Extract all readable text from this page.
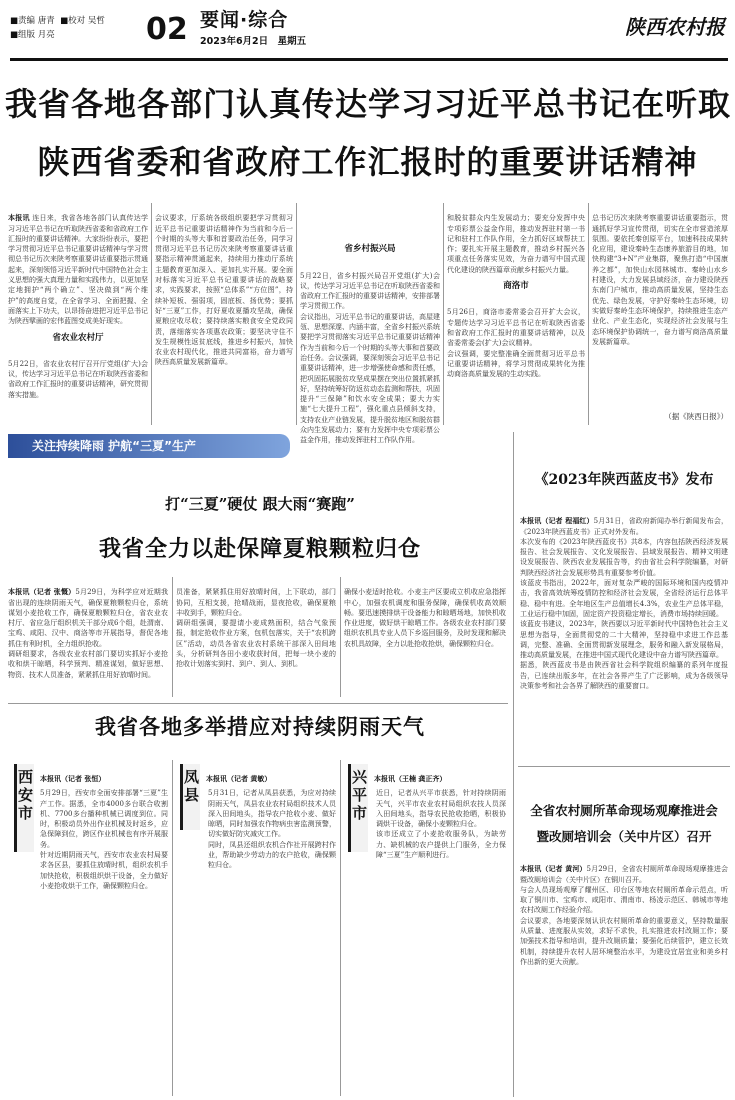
■责编 唐青 ■校对 吴哲
■组版 月亮	02 要闻·综合
2023年6月2日　星期五
陕西农村报
我省各地各部门认真传达学习习近平总书记在听取
陕西省委和省政府工作汇报时的重要讲话精神

本报讯 连日来，我省各地各部门认真传达学习习近平总书记在听取陕西省委和省政府工作汇报时的重要讲话精神。大家纷纷表示，要把学习贯彻习近平总书记重要讲话精神与学习贯彻总书记历次来陕考察重要讲话重要指示贯通起来，深刻领悟习近平新时代中国特色社会主义思想的强大真理力量和实践伟力，以更加坚定地拥护“两个确立”、坚决做到“两个维护”的高度自觉，在全省学习、全面把握、全面落实上下功夫，以昂扬奋进把习近平总书记为陕西擘画的宏伟蓝图变成美好现实。

省农业农村厅

5月22日，省农业农村厅召开厅党组(扩大)会议，传达学习习近平总书记在听取陕西省委和省政府工作汇报时的重要讲话精神，研究贯彻落实措施。

会议要求，厅系统各级组织要把学习贯彻习近平总书记重要讲话精神作为当前和今后一个时期的头等大事和首要政治任务，同学习贯彻习近平总书记历次来陕考察重要讲话重要指示精神贯通起来，持续用力推动厅系统主题教育更加深入、更加扎实开展。要全面对标落实习近平总书记重要讲话的战略要求，实践要求，按照“总体系”“方位图”，持续补短板、强弱项，固底板、扬优势；要抓好“三夏”工作，打好夏收夏播攻坚战，确保夏粮应收尽收；要持续落实粮食安全党政同责，落细落实各项惠农政策；要坚决守住不发生规模性返贫底线，推进乡村振兴，加快农业农村现代化，推进共同富裕，奋力谱写陕西高质量发展新篇章。

省乡村振兴局

5月22日，省乡村振兴局召开党组(扩大)会议，传达学习习近平总书记在听取陕西省委和省政府工作汇报时的重要讲话精神，安排部署学习贯彻工作。
会议指出，习近平总书记的重要讲话，高屋建瓴、思想深邃、内涵丰富，全省乡村振兴系统要把学习贯彻落实习近平总书记重要讲话精神作为当前和今后一个时期的头等大事和首要政治任务。会议强调，要深刻领会习近平总书记重要讲话精神，进一步增强使命感和责任感，把巩固拓展脱贫攻坚成果摆在突出位置抓紧抓好，坚持统筹好防返贫动态监测和帮扶，巩固提升“三保障”和饮水安全成果；要大力实施“七大提升工程”，强化重点县倾斜支持，支持农业产业链发展，提升脱贫地区和脱贫群众内生发展动力；要有力发挥中央专项彩票公益金作用，推动发挥驻村工作队作用。

和脱贫群众内生发展动力；要充分发挥中央专项彩票公益金作用，推动发挥驻村第一书记和驻村工作队作用，全力抓好区域帮扶工作；要扎实开展主题教育，推动乡村振兴各项重点任务落实见效，为奋力谱写中国式现代化建设的陕西篇章贡献乡村振兴力量。

商洛市

5月26日，商洛市委常委会召开扩大会议，专题传达学习习近平总书记在听取陕西省委和省政府工作汇报时的重要讲话精神，以及省委常委会(扩大)会议精神。
会议强调，要完整准确全面贯彻习近平总书记重要讲话精神，将学习贯彻成果转化为推动商洛高质量发展的生动实践。

总书记历次来陕考察重要讲话重要指示，贯通抓好学习宣传贯彻，切实在全市营造浓厚氛围。要依托秦创原平台，加速科技成果转化应用，建设秦岭生态康养旅游目的地，加快构建“3+N”产业集群，聚焦打造“中国康养之都”，加快山水园林城市、秦岭山水乡村建设，大力发展县域经济，奋力建设陕西东南门户城市，推动高质量发展，坚持生态优先、绿色发展，守护好秦岭生态环境，切实做好秦岭生态环境保护，持续推进生态产业化、产业生态化，实现经济社会发展与生态环境保护协调统一，奋力谱写商洛高质量发展新篇章。

（据《陕西日报》）
关注持续降雨 护航“三夏”生产
打“三夏”硬仗 跟大雨“赛跑”
我省全力以赴保障夏粮颗粒归仓

本报讯（记者 张慨）5月29日，为科学应对近期我省出现的连续阴雨天气，确保夏粮颗粒归仓，系统谋划小麦抢收工作，确保夏粮颗粒归仓，省农业农村厅、省应急厅组织机关干部分成6个组，赴渭南、宝鸡、咸阳、汉中、商洛等市开展指导，督促各地抓住有利时机，全力组织抢收。
调研组要求，各级农业农村部门要切实抓好小麦抢收和烘干晾晒，科学预判、精准谋划，做好思想、物资、技术人员准备，紧紧抓住用好放晴时间。

员准备，紧紧抓住用好放晴时间，上下联动，部门协同，互相支援，抢晴战雨，显夜抢收，确保夏粮丰收到手，颗粒归仓。
调研组强调，要提请小麦成熟面积，结合气象预报，制定抢收作业方案，包机包落实，关于“农机跨区”活动，动员各省农业农村系统干部深入田间地头，分析研判各田小麦收获时间，把每一块小麦的抢收计划落实到村、到户、到人、到机。

确保小麦适时抢收。小麦主产区要成立机收应急指挥中心，加强农机调度和服务保障，确保机收高效顺畅。要迅速摸排烘干设备能力和晾晒场地，加快机收作业进度，做好烘干晾晒工作。各级农业农村部门要组织农机具专业人员下乡巡回服务，及时发现和解决农机具故障，全力以赴抢收抢烘，确保颗粒归仓。

《2023年陕西蓝皮书》发布

本报讯（记者 程福红）5月31日，省政府新闻办举行新闻发布会，《2023年陕西蓝皮书》正式对外发布。
本次发布的《2023年陕西蓝皮书》共8本，内容包括陕西经济发展报告、社会发展报告、文化发展报告、县域发展报告、精神文明建设发展报告、陕西农业发展报告等，约由省社会科学院编纂，对研判陕西经济社会发展形势具有重要参考价值。
该蓝皮书指出，2022年，面对复杂严峻的国际环境和国内疫情冲击，我省高效统筹疫情防控和经济社会发展，全省经济运行总体平稳、稳中有进。全年地区生产总值增长4.3%，农业生产总体平稳，工业运行稳中加固，固定资产投资稳定增长，消费市场持续回暖。
该蓝皮书建议，2023年，陕西要以习近平新时代中国特色社会主义思想为指导，全面贯彻党的二十大精神，坚持稳中求进工作总基调，完整、准确、全面贯彻新发展理念，服务和融入新发展格局，推动高质量发展，在推进中国式现代化建设中奋力谱写陕西篇章。
据悉，陕西蓝皮书是由陕西省社会科学院组织编纂的系列年度报告，已连续出版多年，在社会各界产生了广泛影响，成为各级领导决策参考和社会各界了解陕西的重要窗口。

全省农村厕所革命现场观摩推进会
暨改厕培训会（关中片区）召开

本报讯（记者 黄河）5月29日，全省农村厕所革命现场观摩推进会暨改厕培训会（关中片区）在铜川召开。
与会人员现场观摩了耀州区、印台区等地农村厕所革命示范点，听取了铜川市、宝鸡市、咸阳市、渭南市、杨凌示范区、韩城市等地农村改厕工作经验介绍。
会议要求，各地要深刻认识农村厕所革命的重要意义，坚持数量服从质量、进度服从实效，求好不求快，扎实推进农村改厕工作；要加强技术指导和培训，提升改厕质量；要强化后续管护，建立长效机制，持续提升农村人居环境整治水平，为建设宜居宜业和美乡村作出新的更大贡献。

我省各地多举措应对持续阴雨天气
西安市

本报讯（记者 张恒）

5月29日，西安市全面安排部署“三夏”生产工作。据悉，全市4000多台联合收割机、7700多台播种机械已调度到位。同时，积极动员外出作业机械及时返乡，应急保障到位，跨区作业机械也有序开展服务。
针对近期阴雨天气，西安市农业农村局要求各区县，要抓住放晴时机，组织农机手加快抢收，积极组织烘干设备，全力做好小麦抢收烘干工作，确保颗粒归仓。

凤县

本报讯（记者 黄敏）

5月31日，记者从凤县获悉，为应对持续阴雨天气，凤县农业农村局组织技术人员深入田间地头，指导农户抢收小麦、做好晾晒，同时加强农作物病虫害监测预警，切实做好防灾减灾工作。
同时，凤县还组织农机合作社开展跨村作业，帮助缺少劳动力的农户抢收，确保颗粒归仓。

兴平市

本报讯（王楠 龚正齐）

近日，记者从兴平市获悉，针对持续阴雨天气，兴平市农业农村局组织农技人员深入田间地头，指导农民抢收抢晒，积极协调烘干设备，确保小麦颗粒归仓。
该市还成立了小麦抢收服务队，为缺劳力、缺机械的农户提供上门服务，全力保障“三夏”生产顺利进行。
